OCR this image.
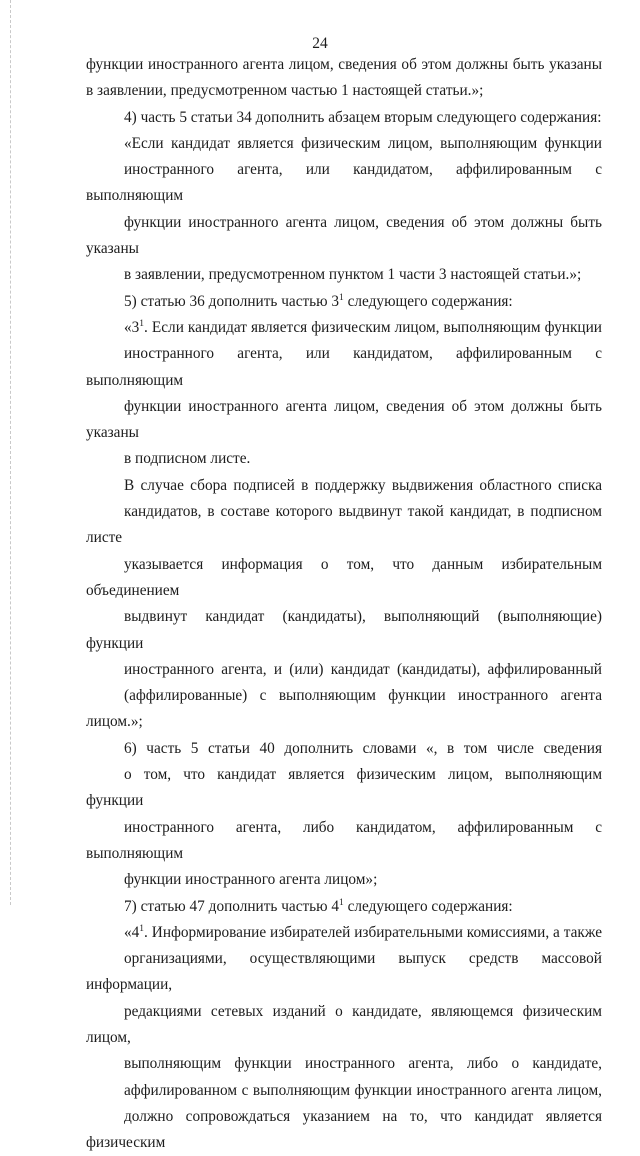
24

функции иностранного агента лицом, сведения об этом должны быть указаны
в заявлении, предусмотренном частью 1 настоящей статьи.»;

4) часть 5 статьи 34 дополнить абзацем вторым следующего содержания:

«Если кандидат является физическим лицом, выполняющим функции
иностранного агента, или кандидатом, аффилированным с выполняющим
функции иностранного агента лицом, сведения об этом должны быть указаны
в заявлении, предусмотренном пунктом 1 части 3 настоящей статьи.»;

5) статью 36 дополнить частью $3^1$ следующего содержания:

«$3^1$. Если кандидат является физическим лицом, выполняющим функции
иностранного агента, или кандидатом, аффилированным с выполняющим
функции иностранного агента лицом, сведения об этом должны быть указаны
в подписном листе.

В случае сбора подписей в поддержку выдвижения областного списка
кандидатов, в составе которого выдвинут такой кандидат, в подписном листе
указывается информация о том, что данным избирательным объединением
выдвинут кандидат (кандидаты), выполняющий (выполняющие) функции
иностранного агента, и (или) кандидат (кандидаты), аффилированный
(аффилированные) с выполняющим функции иностранного агента лицом.»;

6) часть 5 статьи 40 дополнить словами «, в том числе сведения
о том, что кандидат является физическим лицом, выполняющим функции
иностранного агента, либо кандидатом, аффилированным с выполняющим
функции иностранного агента лицом»;

7) статью 47 дополнить частью $4^1$ следующего содержания:

«$4^1$. Информирование избирателей избирательными комиссиями, а также
организациями, осуществляющими выпуск средств массовой информации,
редакциями сетевых изданий о кандидате, являющемся физическим лицом,
выполняющим функции иностранного агента, либо о кандидате,
аффилированном с выполняющим функции иностранного агента лицом,
должно сопровождаться указанием на то, что кандидат является физическим
